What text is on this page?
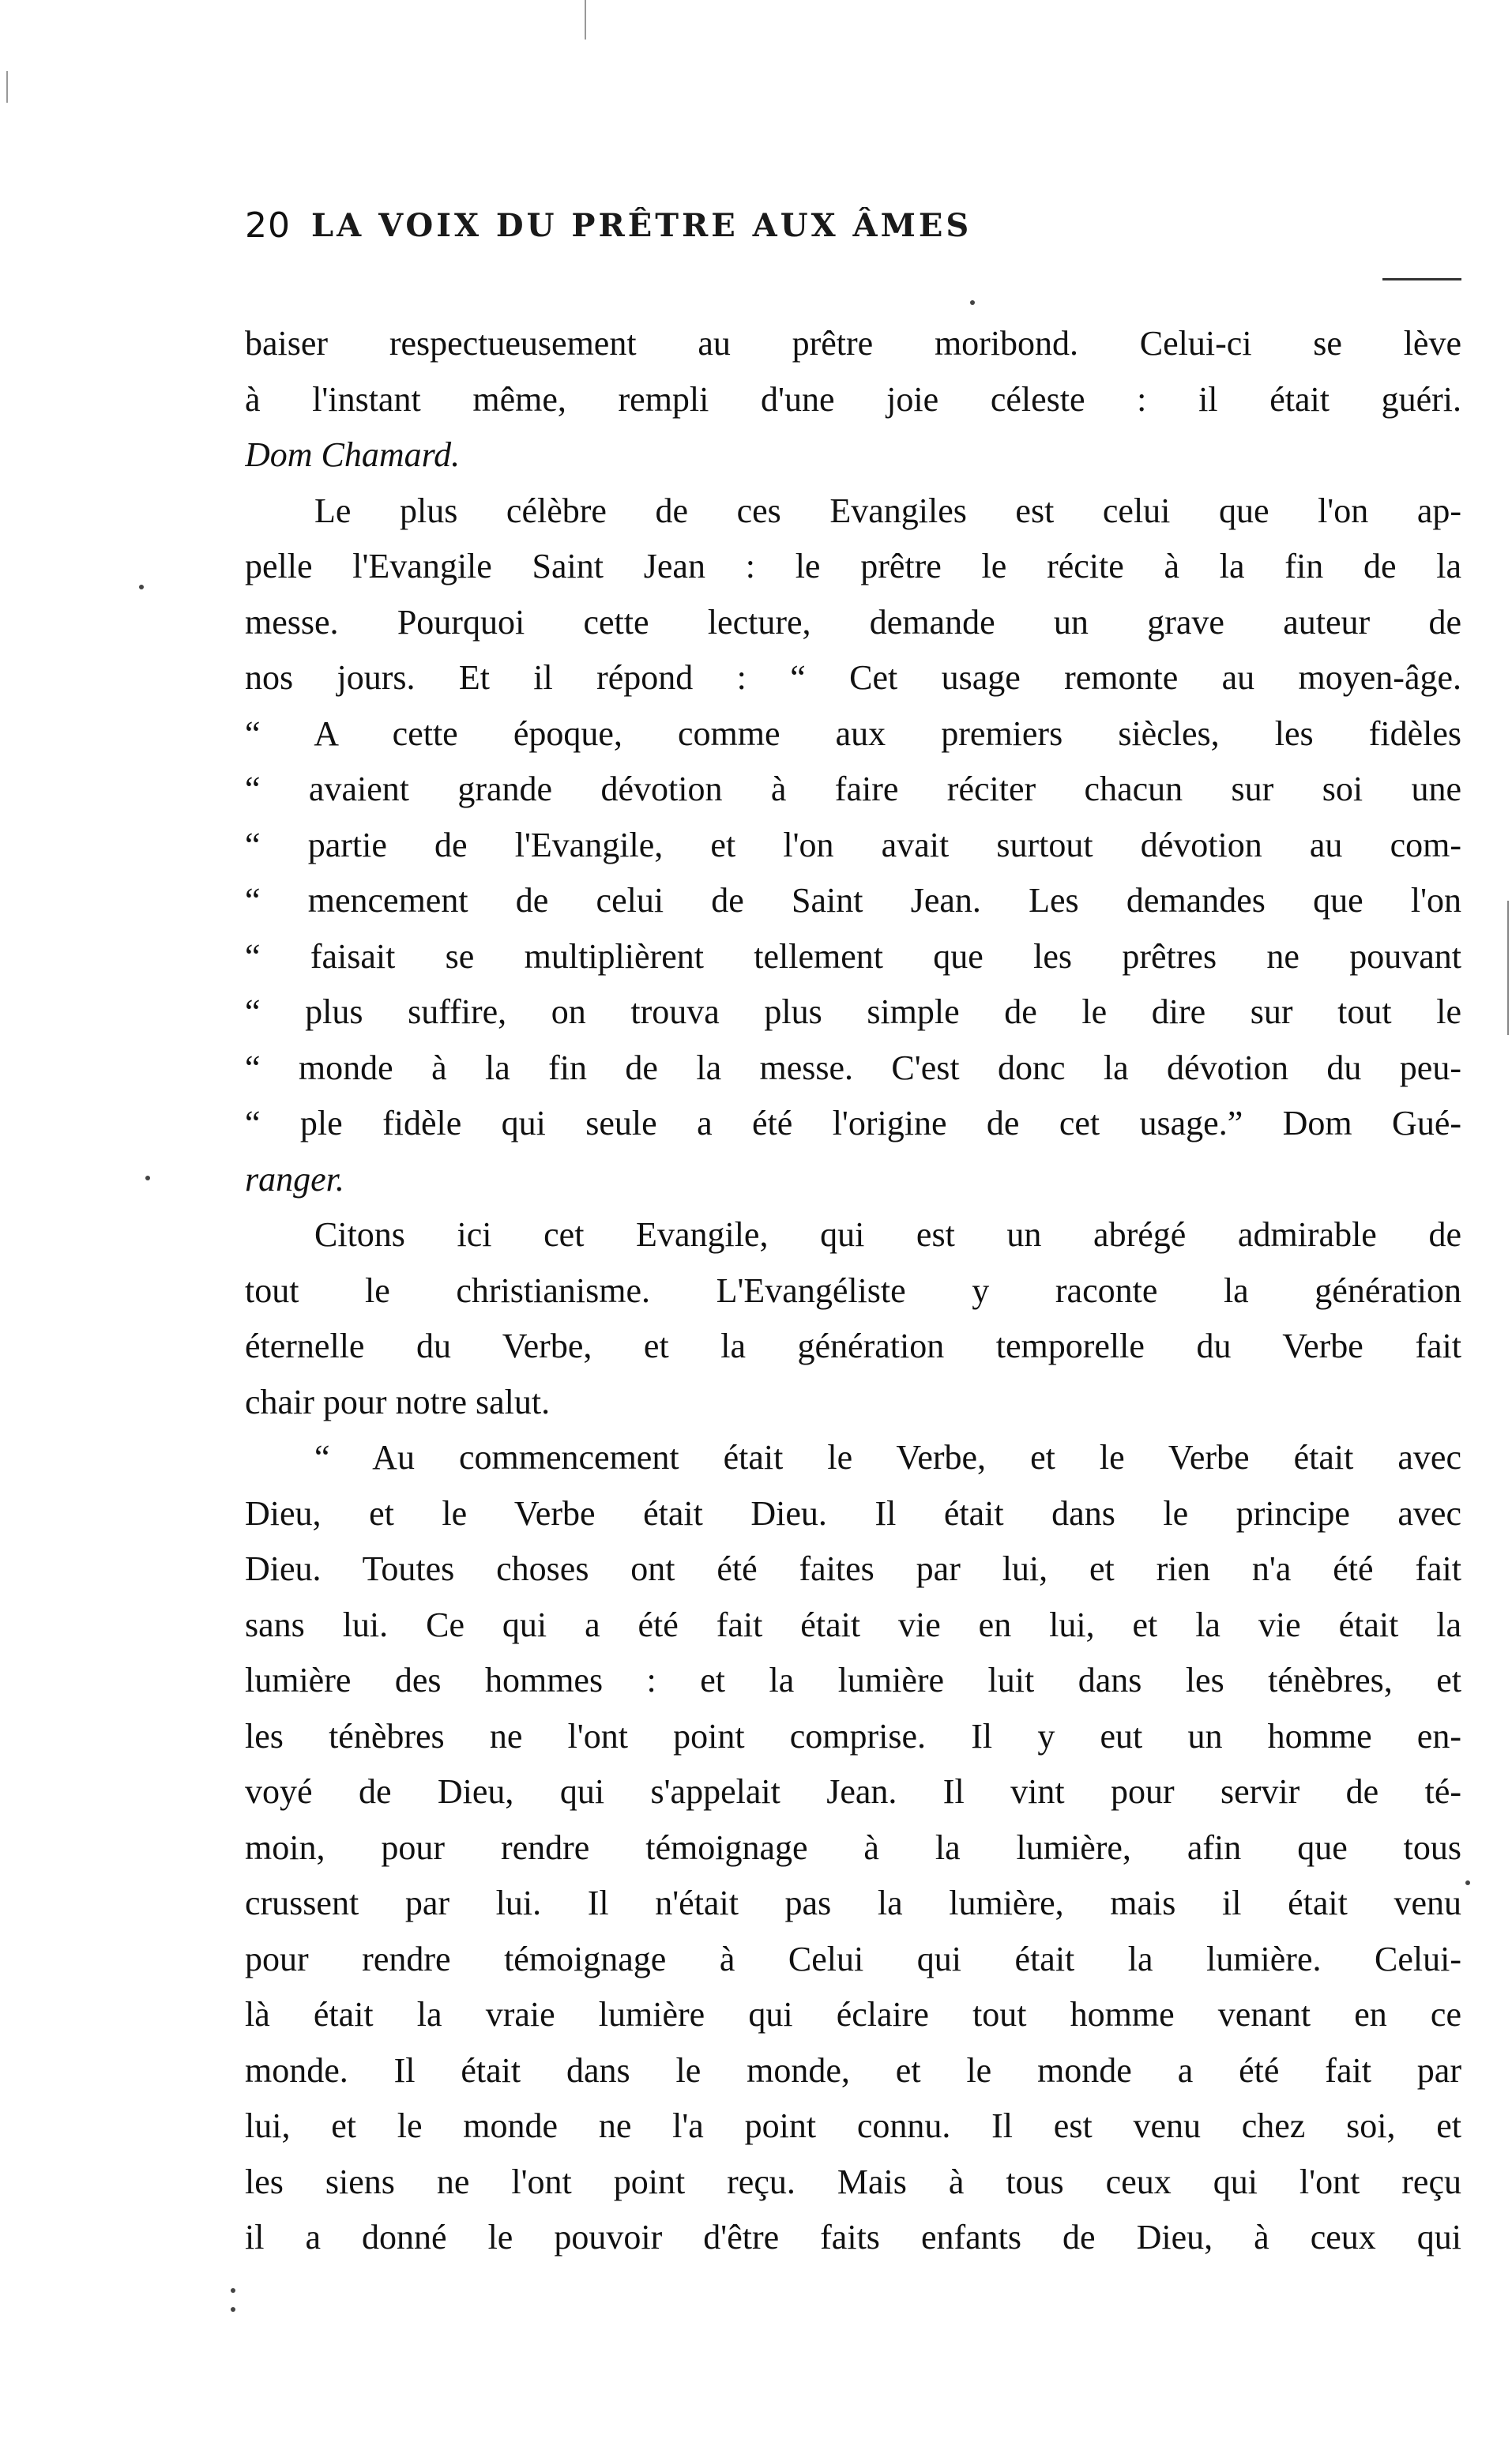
20 LA VOIX DU PRÊTRE AUX ÂMES
baiser respectueusement au prêtre moribond. Celui-ci se lève
à l'instant même, rempli d'une joie céleste : il était guéri.
Dom Chamard.
Le plus célèbre de ces Evangiles est celui que l'on ap-
pelle l'Evangile Saint Jean : le prêtre le récite à la fin de la
messe. Pourquoi cette lecture, demande un grave auteur de
nos jours. Et il répond : “ Cet usage remonte au moyen-âge.
“ A cette époque, comme aux premiers siècles, les fidèles
“ avaient grande dévotion à faire réciter chacun sur soi une
“ partie de l'Evangile, et l'on avait surtout dévotion au com-
“ mencement de celui de Saint Jean. Les demandes que l'on
“ faisait se multiplièrent tellement que les prêtres ne pouvant
“ plus suffire, on trouva plus simple de le dire sur tout le
“ monde à la fin de la messe. C'est donc la dévotion du peu-
“ ple fidèle qui seule a été l'origine de cet usage.” Dom Gué-
ranger.
Citons ici cet Evangile, qui est un abrégé admirable de
tout le christianisme. L'Evangéliste y raconte la génération
éternelle du Verbe, et la génération temporelle du Verbe fait
chair pour notre salut.
“ Au commencement était le Verbe, et le Verbe était avec
Dieu, et le Verbe était Dieu. Il était dans le principe avec
Dieu. Toutes choses ont été faites par lui, et rien n'a été fait
sans lui. Ce qui a été fait était vie en lui, et la vie était la
lumière des hommes : et la lumière luit dans les ténèbres, et
les ténèbres ne l'ont point comprise. Il y eut un homme en-
voyé de Dieu, qui s'appelait Jean. Il vint pour servir de té-
moin, pour rendre témoignage à la lumière, afin que tous
crussent par lui. Il n'était pas la lumière, mais il était venu
pour rendre témoignage à Celui qui était la lumière. Celui-
là était la vraie lumière qui éclaire tout homme venant en ce
monde. Il était dans le monde, et le monde a été fait par
lui, et le monde ne l'a point connu. Il est venu chez soi, et
les siens ne l'ont point reçu. Mais à tous ceux qui l'ont reçu
il a donné le pouvoir d'être faits enfants de Dieu, à ceux qui
